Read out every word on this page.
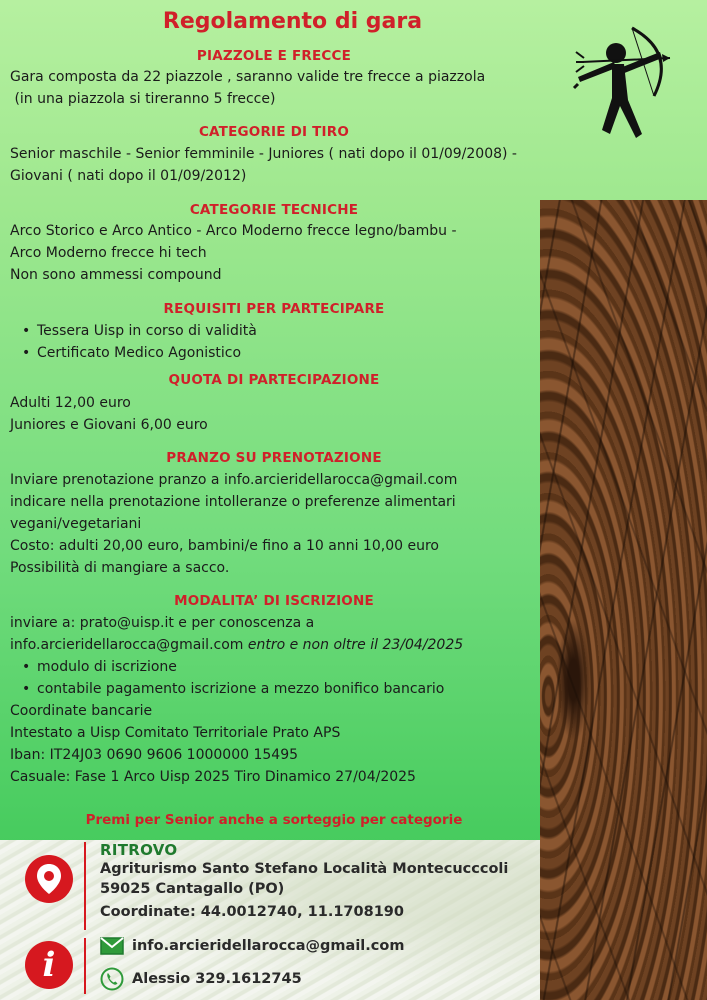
Regolamento di gara
PIAZZOLE E FRECCE
Gara composta da 22 piazzole , saranno valide tre frecce a piazzola
(in una piazzola si tireranno 5 frecce)
CATEGORIE DI TIRO
Senior maschile - Senior femminile - Juniores ( nati dopo il 01/09/2008) -
Giovani ( nati dopo il 01/09/2012)
CATEGORIE TECNICHE
Arco Storico e Arco Antico - Arco Moderno frecce legno/bambu -
Arco Moderno frecce hi tech
Non sono ammessi compound
REQUISITI PER PARTECIPARE
• Tessera Uisp in corso di validità
• Certificato Medico Agonistico
QUOTA DI PARTECIPAZIONE
Adulti 12,00 euro
Juniores e Giovani 6,00 euro
PRANZO SU PRENOTAZIONE
Inviare prenotazione pranzo a info.arcieridellarocca@gmail.com
indicare nella prenotazione intolleranze o preferenze alimentari
vegani/vegetariani
Costo: adulti 20,00 euro, bambini/e fino a 10 anni 10,00 euro
Possibilità di mangiare a sacco.
MODALITA’ DI ISCRIZIONE
inviare a: prato@uisp.it e per conoscenza a
info.arcieridellarocca@gmail.com entro e non oltre il 23/04/2025
• modulo di iscrizione
• contabile pagamento iscrizione a mezzo bonifico bancario
Coordinate bancarie
Intestato a Uisp Comitato Territoriale Prato APS
Iban: IT24J03 0690 9606 1000000 15495
Casuale: Fase 1 Arco Uisp 2025 Tiro Dinamico 27/04/2025
Premi per Senior anche a sorteggio per categorie
RITROVO
Agriturismo Santo Stefano Località Montecucccoli
59025 Cantagallo (PO)
Coordinate: 44.0012740, 11.1708190
i	info.arcieridellarocca@gmail.com
Alessio 329.1612745
